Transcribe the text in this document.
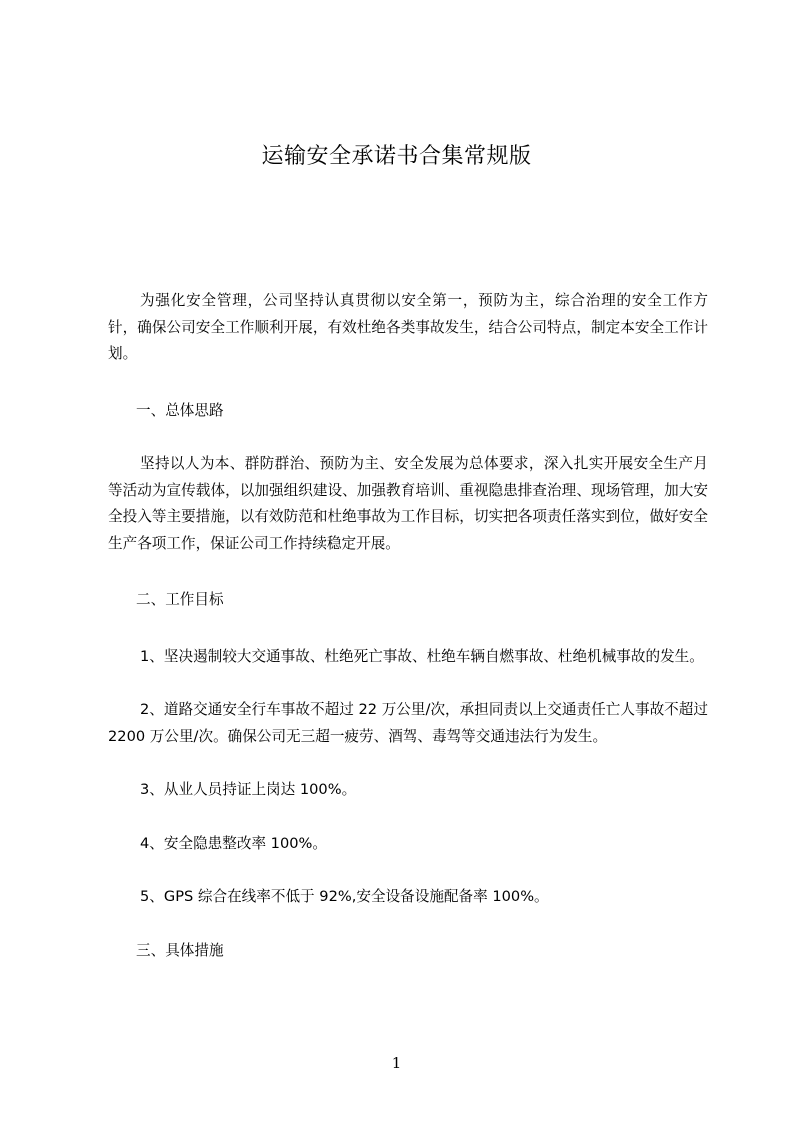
运输安全承诺书合集常规版

为强化安全管理，公司坚持认真贯彻以安全第一，预防为主，综合治理的安全工作方针，确保公司安全工作顺利开展，有效杜绝各类事故发生，结合公司特点，制定本安全工作计划。

一、总体思路

坚持以人为本、群防群治、预防为主、安全发展为总体要求，深入扎实开展安全生产月等活动为宣传载体，以加强组织建设、加强教育培训、重视隐患排查治理、现场管理，加大安全投入等主要措施，以有效防范和杜绝事故为工作目标，切实把各项责任落实到位，做好安全生产各项工作，保证公司工作持续稳定开展。

二、工作目标

1、坚决遏制较大交通事故、杜绝死亡事故、杜绝车辆自燃事故、杜绝机械事故的发生。

2、道路交通安全行车事故不超过 22 万公里/次，承担同责以上交通责任亡人事故不超过 2200 万公里/次。确保公司无三超一疲劳、酒驾、毒驾等交通违法行为发生。

3、从业人员持证上岗达 100%。

4、安全隐患整改率 100%。

5、GPS 综合在线率不低于 92%,安全设备设施配备率 100%。

三、具体措施

1
